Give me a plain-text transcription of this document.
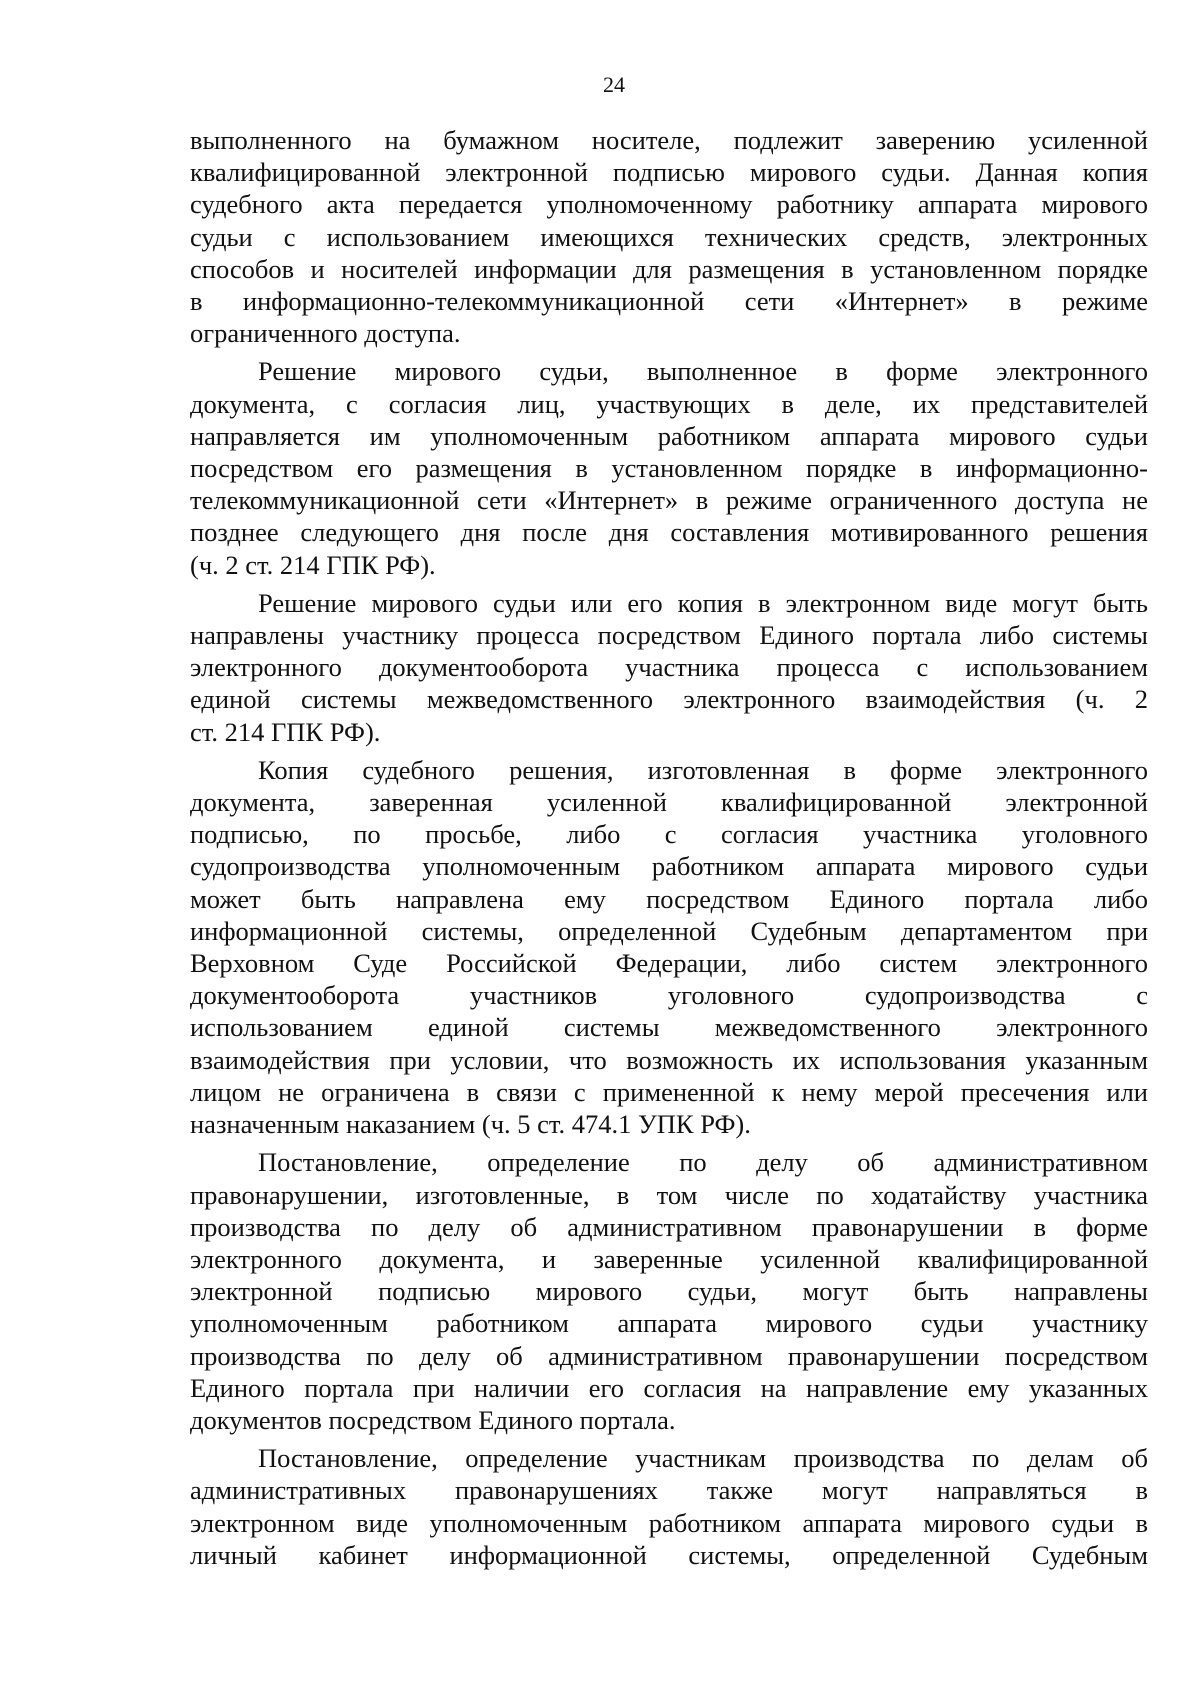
24

выполненного на бумажном носителе, подлежит заверению усиленной
квалифицированной электронной подписью мирового судьи. Данная копия
судебного акта передается уполномоченному работнику аппарата мирового
судьи с использованием имеющихся технических средств, электронных
способов и носителей информации для размещения в установленном порядке
в информационно-телекоммуникационной сети «Интернет» в режиме
ограниченного доступа.

Решение мирового судьи, выполненное в форме электронного
документа, с согласия лиц, участвующих в деле, их представителей
направляется им уполномоченным работником аппарата мирового судьи
посредством его размещения в установленном порядке в информационно-
телекоммуникационной сети «Интернет» в режиме ограниченного доступа не
позднее следующего дня после дня составления мотивированного решения
(ч. 2 ст. 214 ГПК РФ).

Решение мирового судьи или его копия в электронном виде могут быть
направлены участнику процесса посредством Единого портала либо системы
электронного документооборота участника процесса с использованием
единой системы межведомственного электронного взаимодействия (ч. 2
ст. 214 ГПК РФ).

Копия судебного решения, изготовленная в форме электронного
документа, заверенная усиленной квалифицированной электронной
подписью, по просьбе, либо с согласия участника уголовного
судопроизводства уполномоченным работником аппарата мирового судьи
может быть направлена ему посредством Единого портала либо
информационной системы, определенной Судебным департаментом при
Верховном Суде Российской Федерации, либо систем электронного
документооборота участников уголовного судопроизводства с
использованием единой системы межведомственного электронного
взаимодействия при условии, что возможность их использования указанным
лицом не ограничена в связи с примененной к нему мерой пресечения или
назначенным наказанием (ч. 5 ст. 474.1 УПК РФ).

Постановление, определение по делу об административном
правонарушении, изготовленные, в том числе по ходатайству участника
производства по делу об административном правонарушении в форме
электронного документа, и заверенные усиленной квалифицированной
электронной подписью мирового судьи, могут быть направлены
уполномоченным работником аппарата мирового судьи участнику
производства по делу об административном правонарушении посредством
Единого портала при наличии его согласия на направление ему указанных
документов посредством Единого портала.

Постановление, определение участникам производства по делам об
административных правонарушениях также могут направляться в
электронном виде уполномоченным работником аппарата мирового судьи в
личный кабинет информационной системы, определенной Судебным
